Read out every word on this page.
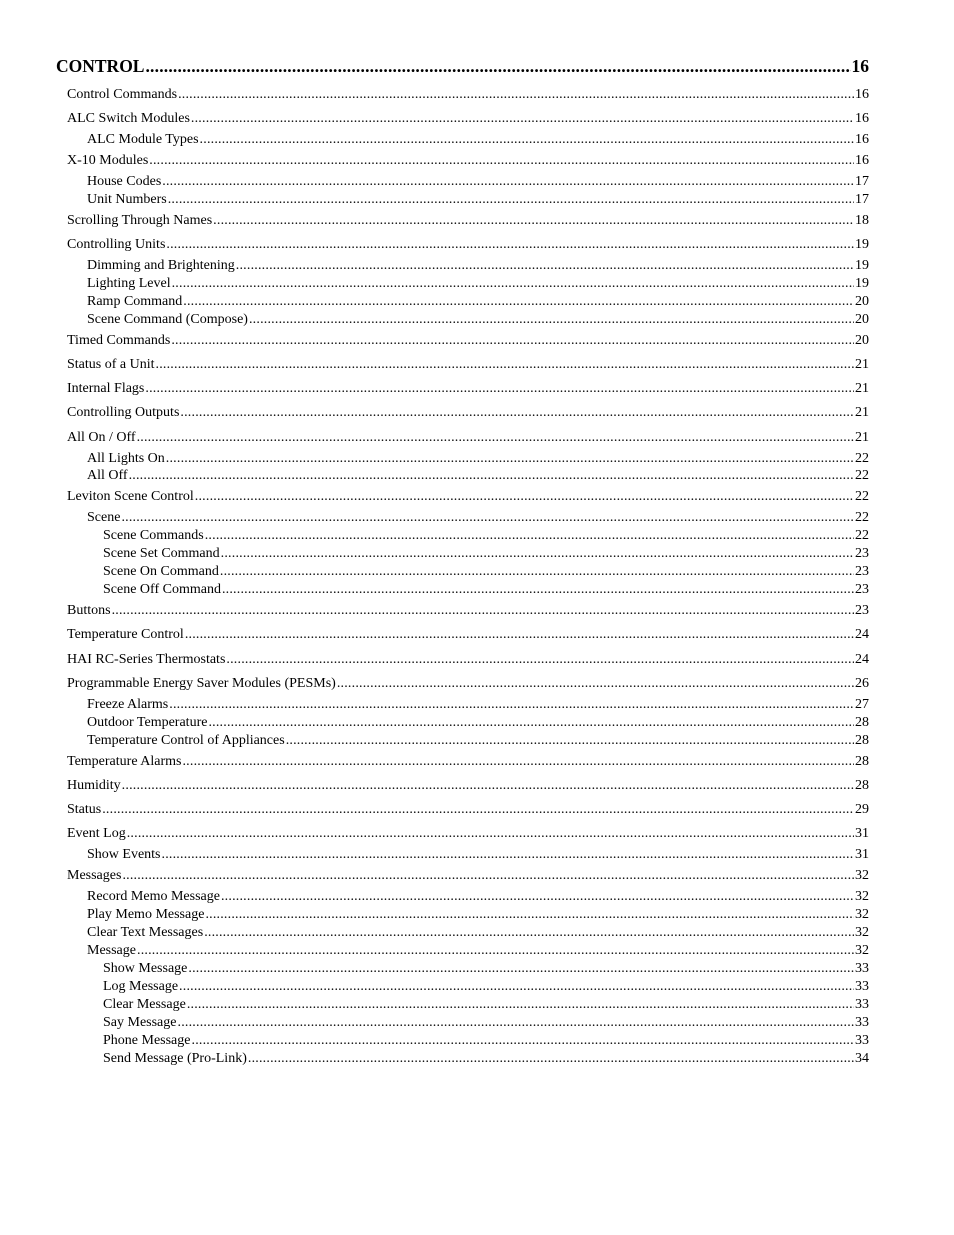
CONTROL .....	16
Control Commands .....	16
ALC Switch Modules .....	16
ALC Module Types .....	16
X-10 Modules .....	16
House Codes .....	17
Unit Numbers .....	17
Scrolling Through Names .....	18
Controlling Units .....	19
Dimming and Brightening .....	19
Lighting Level .....	19
Ramp Command .....	20
Scene Command (Compose) .....	20
Timed Commands .....	20
Status of a Unit .....	21
Internal Flags .....	21
Controlling Outputs .....	21
All On / Off .....	21
All Lights On .....	22
All Off .....	22
Leviton Scene Control .....	22
Scene .....	22
Scene Commands .....	22
Scene Set Command .....	23
Scene On Command .....	23
Scene Off Command .....	23
Buttons .....	23
Temperature Control .....	24
HAI RC-Series Thermostats .....	24
Programmable Energy Saver Modules (PESMs) .....	26
Freeze Alarms .....	27
Outdoor Temperature .....	28
Temperature Control of Appliances .....	28
Temperature Alarms .....	28
Humidity .....	28
Status .....	29
Event Log .....	31
Show Events .....	31
Messages .....	32
Record Memo Message .....	32
Play Memo Message .....	32
Clear Text Messages .....	32
Message .....	32
Show Message .....	33
Log Message .....	33
Clear Message .....	33
Say Message .....	33
Phone Message .....	33
Send Message (Pro-Link) .....	34
